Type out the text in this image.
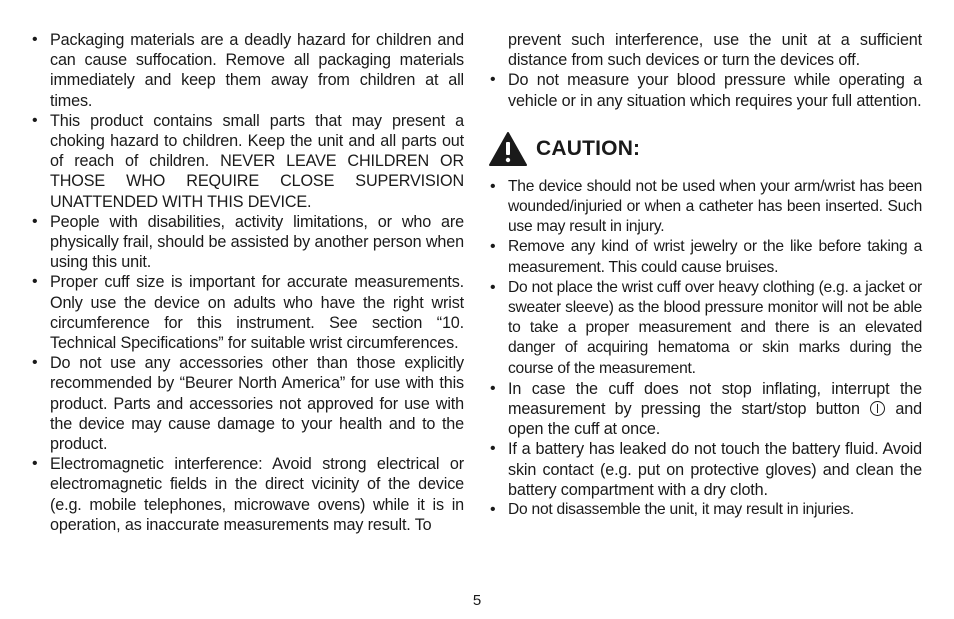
• Packaging materials are a deadly hazard for children and can cause suffocation. Remove all packaging materials immediately and keep them away from children at all times.
• This product contains small parts that may present a choking hazard to children. Keep the unit and all parts out of reach of children. NEVER LEAVE CHILDREN OR THOSE WHO REQUIRE CLOSE SUPERVISION UNATTENDED WITH THIS DEVICE.
• People with disabilities, activity limitations, or who are physically frail, should be assisted by another person when using this unit.
• Proper cuff size is important for accurate measurements. Only use the device on adults who have the right wrist circumference for this instrument. See section “10. Technical Specifications” for suitable wrist circumferences.
• Do not use any accessories other than those explicitly recommended by “Beurer North America” for use with this product. Parts and accessories not approved for use with the device may cause damage to your health and to the product.
• Electromagnetic interference: Avoid strong electrical or electromagnetic fields in the direct vicinity of the device (e.g. mobile telephones, microwave ovens) while it is in operation, as inaccurate measurements may result. To
prevent such interference, use the unit at a sufficient distance from such devices or turn the devices off.
• Do not measure your blood pressure while operating a vehicle or in any situation which requires your full attention.
CAUTION:
• The device should not be used when your arm/wrist has been wounded/injuried or when a catheter has been inserted. Such use may result in injury.
• Remove any kind of wrist jewelry or the like before taking a measurement. This could cause bruises.
• Do not place the wrist cuff over heavy clothing (e.g. a jacket or sweater sleeve) as the blood pressure monitor will not be able to take a proper measurement and there is an elevated danger of acquiring hematoma or skin marks during the course of the measurement.
• In case the cuff does not stop inflating, interrupt the measurement by pressing the start/stop button and open the cuff at once.
• If a battery has leaked do not touch the battery fluid. Avoid skin contact (e.g. put on protective gloves) and clean the battery compartment with a dry cloth.
• Do not disassemble the unit, it may result in injuries.
5
